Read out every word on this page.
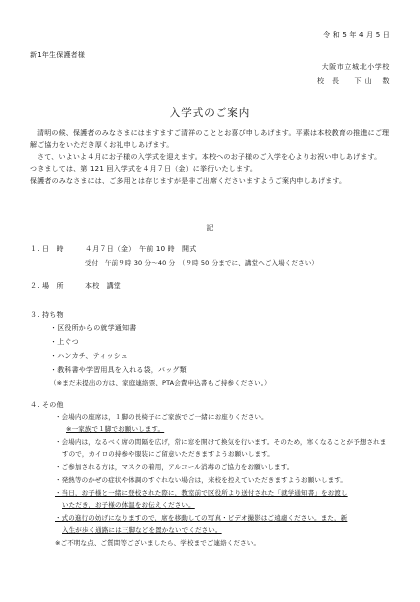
令 和 5 年 4 月 5 日
新1年生保護者様
大阪市立城北小学校
校　長　　下 山　 数
入学式のご案内
清明の候、保護者のみなさまにはますますご清祥のこととお喜び申しあげます。平素は本校教育の推進にご理
解ご協力をいただき厚くお礼申しあげます。
さて、いよいよ４月にお子様の入学式を迎えます。本校へのお子様のご入学を心よりお祝い申しあげます。
つきましては、第 121 回入学式を４月７日（金）に挙行いたします。
保護者のみなさまには、ご多用とは存じますが是非ご出席くださいますようご案内申しあげます。
記
１. 日　時	４月７日（金）　午前 10 時　開式
受付　午前９時 30 分～40 分　（９時 50 分までに、講堂へご入場ください）
２. 場　所	本校　講堂
３. 持ち物
・区役所からの就学通知書
・上ぐつ
・ハンカチ、ティッシュ
・教科書や学習用具を入れる袋，バッグ類
（※まだ未提出の方は、家庭連絡票、PTA会費申込書もご持参ください。）
４. その他
・会場内の座席は，１脚の長椅子にご家族でご一緒にお座りください。
※一家族で１脚でお願いします。
・会場内は，なるべく席の間隔を広げ，常に窓を開けて換気を行います。そのため，寒くなることが予想されま
すので，カイロの持参や服装にご留意いただきますようお願いします。
・ご参加される方は，マスクの着用，アルコール消毒のご協力をお願いします。
・発熱等のかぜの症状や体調のすぐれない場合は，来校を控えていただきますようお願いします。
・当日，お子様と一緒に登校された際に，教室前で区役所より送付された「就学通知書」をお渡し
いただき，お子様の体温をお伝えください。
・式の進行の妨げになりますので，席を移動しての写真・ビデオ撮影はご遠慮ください。また，新
入生が歩く通路には三脚などを置かないでください。
※ご不明な点、ご質問等ございましたら、学校までご連絡ください。
